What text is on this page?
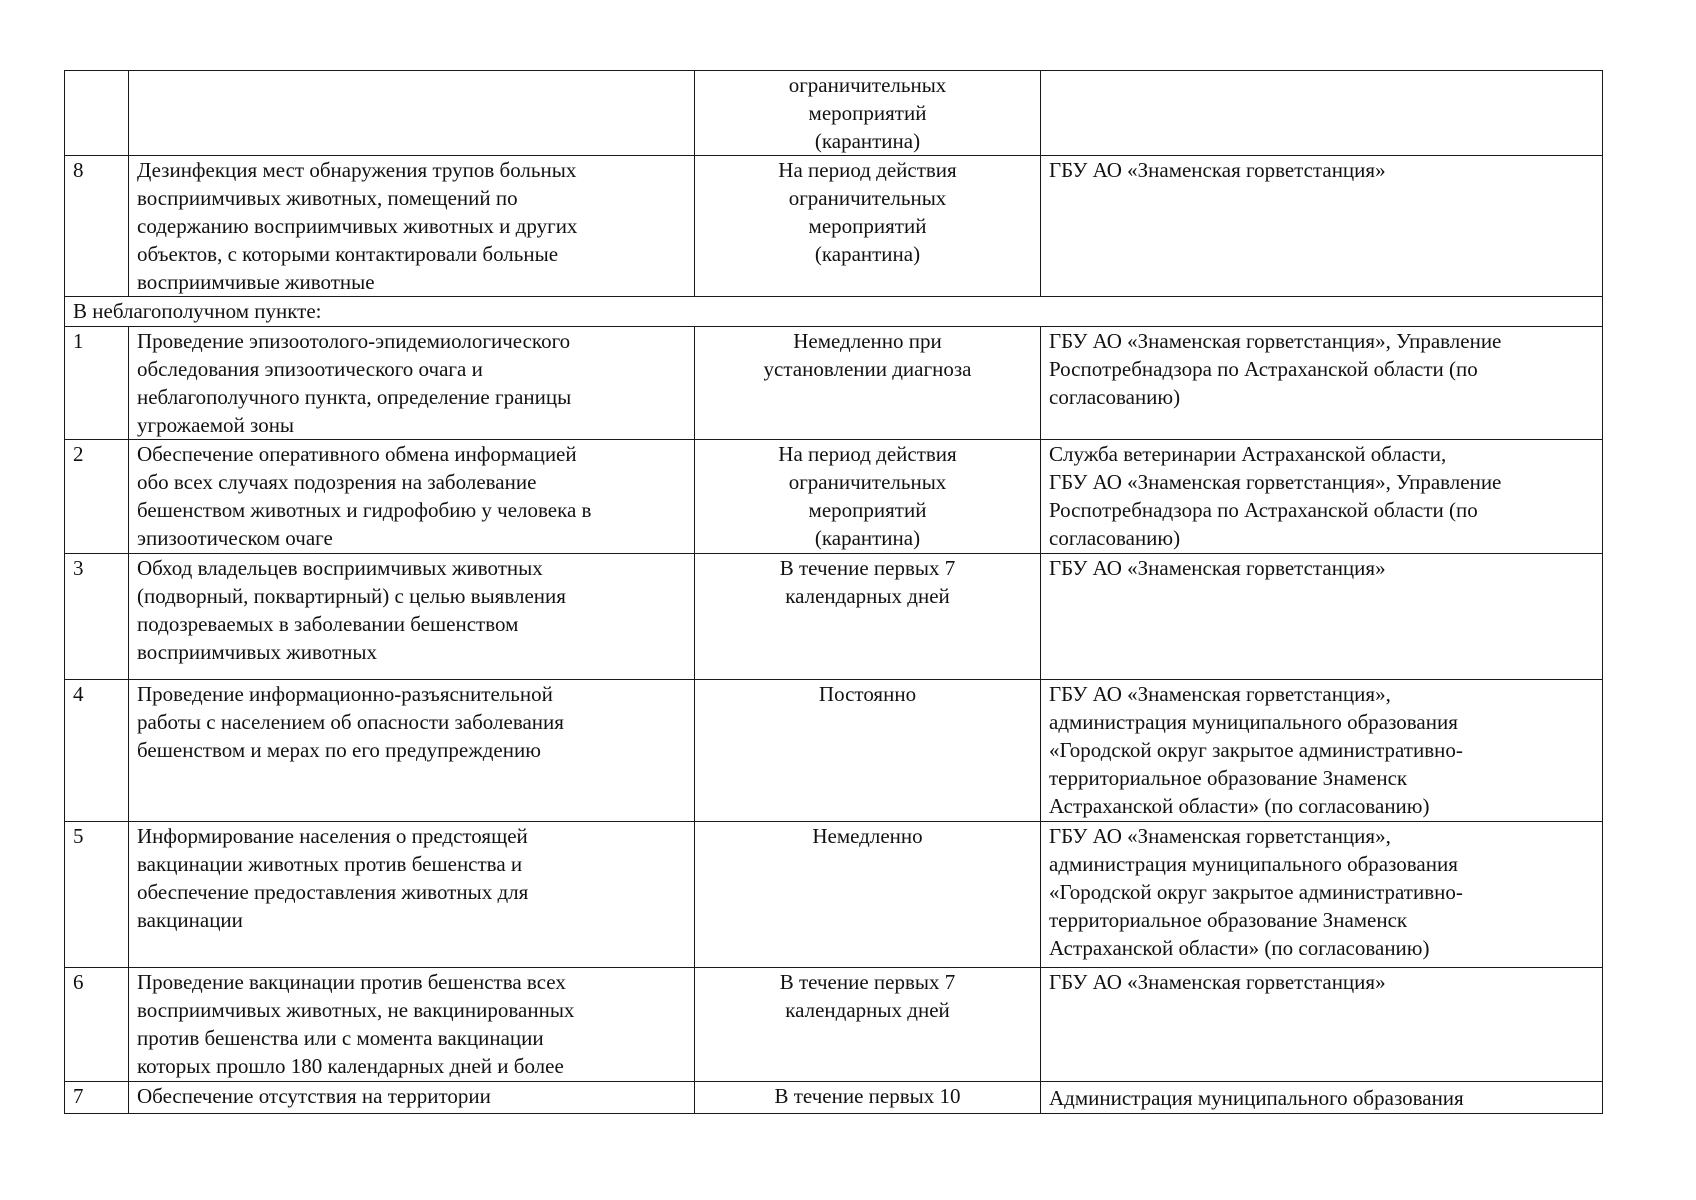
		ограничительных
мероприятий
(карантина)	
8	Дезинфекция мест обнаружения трупов больных
восприимчивых животных, помещений по
содержанию восприимчивых животных и других
объектов, с которыми контактировали больные
восприимчивые животные	На период действия
ограничительных
мероприятий
(карантина)	ГБУ АО «Знаменская горветстанция»
В неблагополучном пункте:			
1	Проведение эпизоотолого-эпидемиологического
обследования эпизоотического очага и
неблагополучного пункта, определение границы
угрожаемой зоны	Немедленно при
установлении диагноза	ГБУ АО «Знаменская горветстанция», Управление
Роспотребнадзора по Астраханской области (по
согласованию)
2	Обеспечение оперативного обмена информацией
обо всех случаях подозрения на заболевание
бешенством животных и гидрофобию у человека в
эпизоотическом очаге	На период действия
ограничительных
мероприятий
(карантина)	Служба ветеринарии Астраханской области,
ГБУ АО «Знаменская горветстанция», Управление
Роспотребнадзора по Астраханской области (по
согласованию)
3	Обход владельцев восприимчивых животных
(подворный, поквартирный) с целью выявления
подозреваемых в заболевании бешенством
восприимчивых животных	В течение первых 7
календарных дней	ГБУ АО «Знаменская горветстанция»
4	Проведение информационно-разъяснительной
работы с населением об опасности заболевания
бешенством и мерах по его предупреждению	Постоянно	ГБУ АО «Знаменская горветстанция»,
администрация муниципального образования
«Городской округ закрытое административно-
территориальное образование Знаменск
Астраханской области» (по согласованию)
5	Информирование населения о предстоящей
вакцинации животных против бешенства и
обеспечение предоставления животных для
вакцинации	Немедленно	ГБУ АО «Знаменская горветстанция»,
администрация муниципального образования
«Городской округ закрытое административно-
территориальное образование Знаменск
Астраханской области» (по согласованию)
6	Проведение вакцинации против бешенства всех
восприимчивых животных, не вакцинированных
против бешенства или с момента вакцинации
которых прошло 180 календарных дней и более	В течение первых 7
календарных дней	ГБУ АО «Знаменская горветстанция»
7	Обеспечение отсутствия на территории	В течение первых 10	Администрация муниципального образования
